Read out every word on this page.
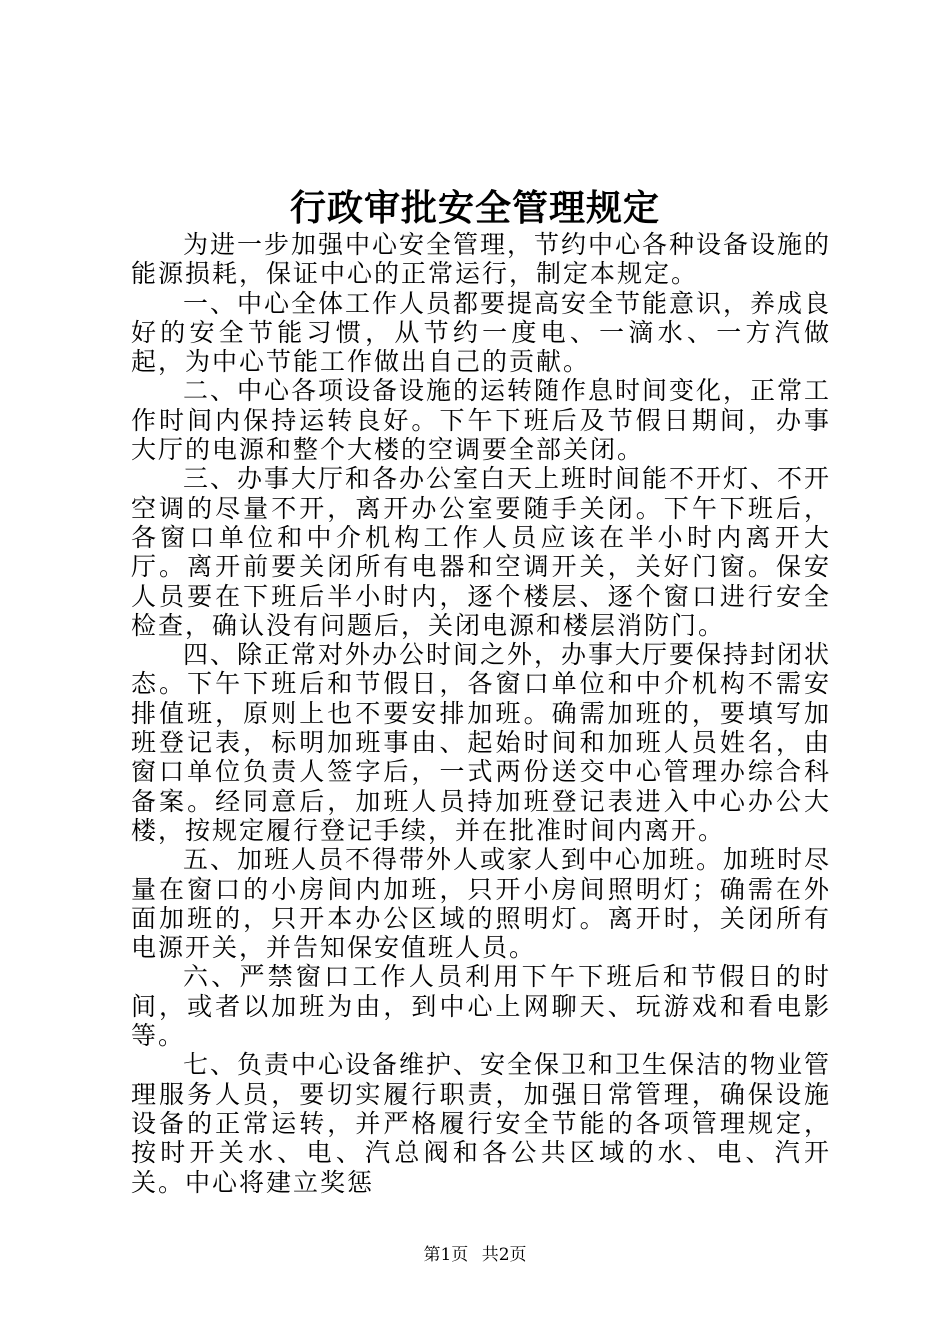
行政审批安全管理规定

为进一步加强中心安全管理，节约中心各种设备设施的能源损耗，保证中心的正常运行，制定本规定。

一、中心全体工作人员都要提高安全节能意识，养成良好的安全节能习惯，从节约一度电、一滴水、一方汽做起，为中心节能工作做出自己的贡献。

二、中心各项设备设施的运转随作息时间变化，正常工作时间内保持运转良好。下午下班后及节假日期间，办事大厅的电源和整个大楼的空调要全部关闭。

三、办事大厅和各办公室白天上班时间能不开灯、不开空调的尽量不开，离开办公室要随手关闭。下午下班后，各窗口单位和中介机构工作人员应该在半小时内离开大厅。离开前要关闭所有电器和空调开关，关好门窗。保安人员要在下班后半小时内，逐个楼层、逐个窗口进行安全检查，确认没有问题后，关闭电源和楼层消防门。

四、除正常对外办公时间之外，办事大厅要保持封闭状态。下午下班后和节假日，各窗口单位和中介机构不需安排值班，原则上也不要安排加班。确需加班的，要填写加班登记表，标明加班事由、起始时间和加班人员姓名，由窗口单位负责人签字后，一式两份送交中心管理办综合科备案。经同意后，加班人员持加班登记表进入中心办公大楼，按规定履行登记手续，并在批准时间内离开。

五、加班人员不得带外人或家人到中心加班。加班时尽量在窗口的小房间内加班，只开小房间照明灯；确需在外面加班的，只开本办公区域的照明灯。离开时，关闭所有电源开关，并告知保安值班人员。

六、严禁窗口工作人员利用下午下班后和节假日的时间，或者以加班为由，到中心上网聊天、玩游戏和看电影等。

七、负责中心设备维护、安全保卫和卫生保洁的物业管理服务人员，要切实履行职责，加强日常管理，确保设施设备的正常运转，并严格履行安全节能的各项管理规定，按时开关水、电、汽总阀和各公共区域的水、电、汽开关。中心将建立奖惩

第1页 共2页
